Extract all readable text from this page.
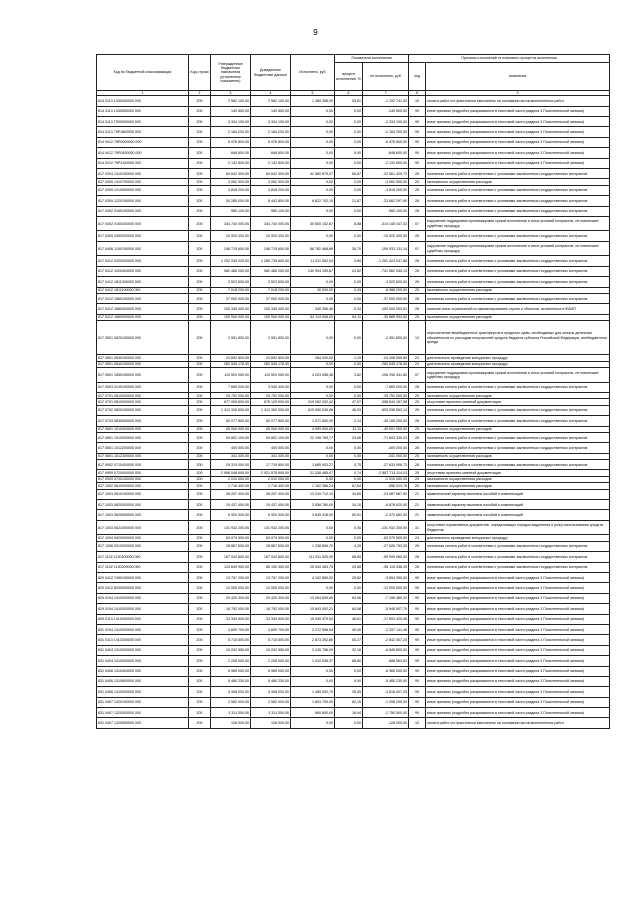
9
Код по бюджетной классификации	Код строки	Утвержденные бюджетные назначения (уточненные показатели)	Доведенные бюджетные данные	Исполнено, руб	Показатели исполнения		Причины отклонений от планового процента исполнения	
					процент исполнения, %	не исполнено, руб	код	пояснения
1	2	3	4	5	6	7	8	9
814 0113 1430400000 000	200	2 582 100,00	2 582 100,00	1 389 358,00	53,81	-1 192 741,00	10	оплата работ кто фактически выполнены на основании актов выполненных работ
814 0113 1430500000 000	200	149 500,00	149 500,00	0,00	0,00	-149 500,00	99	иные причины (подробно раскрываются в текстовой части раздела 3 Пояснительной записки)
814 0113 7300000000 000	200	3 334 100,00	3 334 100,00	0,00	0,00	-3 334 100,00	99	иные причины (подробно раскрываются в текстовой части раздела 3 Пояснительной записки)
814 0113 75P1800000 000	200	2 164 200,00	2 164 200,00	0,00	0,00	-2 164 200,00	99	иные причины (подробно раскрываются в текстовой части раздела 3 Пояснительной записки)
814 0412 75P0000000 000	200	6 976 800,00	6 976 800,00	0,00	0,00	-6 976 800,00	99	иные причины (подробно раскрываются в текстовой части раздела 3 Пояснительной записки)
814 0412 75P0400000 000	200	848 600,00	848 600,00	0,00	0,00	-848 600,00	99	иные причины (подробно раскрываются в текстовой части раздела 3 Пояснительной записки)
814 0412 75P1100000 000	200	2 132 800,00	2 132 800,00	0,00	0,00	-2 132 800,00	99	иные причины (подробно раскрываются в текстовой части раздела 3 Пояснительной записки)
817 0304 1410100000 000	200	64 642 300,00	64 642 300,00	42 580 879,27	65,87	-22 061 420,73	28	поэтапная оплата работ в соответствии с условиями заключенных государственных контрактов
817 0309 1410700000 000	200	3 062 900,00	3 062 900,00	0,00	0,00	-3 062 900,00	25	экономность осуществления расходов
817 0309 1210500000 000	200	3 818 200,00	3 818 200,00	0,00	0,00	-3 818 200,00	28	поэтапная оплата работ в соответствии с условиями заключенных государственных контрактов
817 0309 1220100000 000	200	30 285 000,00	8 442 800,00	6 622 702,10	21,87	-23 662 297,90	28	поэтапная оплата работ в соответствии с условиями заключенных государственных контрактов
817 0402 0150100000 000	200	980 100,00	980 100,00	0,00	0,00	-980 100,00	28	поэтапная оплата работ в соответствии с условиями заключенных государственных контрактов
817 0402 0150200000 000	200	344 740 000,00	344 740 000,00	30 600 152,67	8,88	-314 145 447,33	07	нарушение подрядными организациями сроков исполнения и иных условий контрактов, не повлекшее судебных процедур
817 0405 2050200000 000	200	10 920 400,00	10 920 400,00	0,00	0,00	-10 920 400,00	28	поэтапная оплата работ в соответствии с условиями заключенных государственных контрактов
817 0406 1240100000 000	200	248 715 600,00	248 715 600,00	88 782 468,86	35,70	-159 933 131,14	07	нарушение подрядными организациями сроков исполнения и иных условий контрактов, не повлекшее судебных процедур
817 0412 0200200000 000	200	1 292 939 025,00	1 285 735 600,00	11 511 552,04	0,89	-1 281 424 047,86	28	поэтапная оплата работ в соответствии с условиями заключенных государственных контрактов
817 0412 1020400000 000	200	982 466 200,00	982 466 200,00	240 904 159,87	24,52	-741 562 040,13	28	поэтапная оплата работ в соответствии с условиями заключенных государственных контрактов
817 0412 1811300000 000	200	3 522 600,00	3 522 600,00	0,00	0,00	-3 522 600,00	28	поэтапная оплата работ в соответствии с условиями заключенных государственных контрактов
817 0412 1811100000 000	200	7 018 200,00	7 018 200,00	30 000,00	0,43	-6 988 200,00	25	экономность осуществления расходов
817 0412 1860100000 000	200	37 000 000,00	37 000 000,00	0,00	0,00	-37 000 000,00	28	поэтапная оплата работ в соответствии с условиями заключенных государственных контрактов
817 0412 1860400000 000	200	100 345 400,00	100 345 400,00	345 396,48	0,34	-100 000 003,51	26	наличие иных ограничений по финансированию строек и объектов, включенных в ФАИП
817 0412 1860900000 000	200	100 000 000,00	100 000 000,00	64 114 006,00	64,11	-35 885 994,00	25	экономность осуществления расходов
817 0501 0620100000 000	200	2 951 800,00	2 951 800,00	0,00	0,00	-2 951 800,00	13	перечисление межбюджетных трансфертов в пределах сумм, необходимых для оплаты денежных обязательств по расходам получателей средств бюджета субъекта Российской Федерации, внебюджетного фонда
817 0501 0630100000 000	200	24 692 800,00	24 692 800,00	284 000,00	1,15	-24 408 599,80	24	длительность проведения конкурсных процедур
817 0501 0640100000 000	200	282 545 178,00	282 545 178,00	0,00	0,00	-282 545 178,00	24	длительность проведения конкурсных процедур
817 0501 1550100000 000	200	110 520 000,00	110 520 000,00	4 223 558,48	3,82	-106 296 441,60	07	нарушение подрядными организациями сроков исполнения и иных условий контрактов, не повлекшее судебных процедур
817 0503 0140100000 000	200	7 669 000,00	3 940 400,00	0,00	0,00	-7 669 000,00	28	поэтапная оплата работ в соответствии с условиями заключенных государственных контрактов
817 0701 0810200000 000	200	25 752 000,00	25 752 000,00	0,00	0,00	-25 752 000,00	25	экономность осуществления расходов
817 0701 0810300000 000	200	677 906 800,00	675 129 900,00	319 062 432,42	47,07	-358 844 167,58	25	отсутствие проектно-сметной документации
817 0702 0820100000 000	200	1 313 326 600,00	1 313 300 500,00	619 390 036,86	46,93	-693 936 563,14	28	поэтапная оплата работ в соответствии с условиями заключенных государственных контрактов
817 0703 0830600000 000	200	50 077 800,00	50 077 800,00	1 071 600,00	2,14	-49 106 200,00	28	поэтапная оплата работ в соответствии с условиями заключенных государственных контрактов
817 0801 1010400000 000	200	45 000 000,00	45 000 000,00	4 999 000,00	11,11	-40 001 000,00	25	экономность осуществления расходов
817 0801 1010300000 000	200	93 802 100,00	93 802 100,00	22 198 769,77	23,66	-71 603 330,23	28	поэтапная оплата работ в соответствии с условиями заключенных государственных контрактов
817 0801 1012200000 000	200	400 000,00	400 000,00	0,00	0,00	-400 000,00	28	поэтапная оплата работ в соответствии с условиями заключенных государственных контрактов
817 0801 1012300000 000	200	341 000,00	341 000,00	0,00	0,00	-341 000,00	25	экономность осуществления расходов
817 0902 0710400000 000	200	29 319 000,00	17 719 800,00	1 685 903,27	5,75	-27 633 096,73	28	поэтапная оплата работ в соответствии с условиями заключенных государственных контрактов
817 0909 0720400000 000	200	2 998 048 600,00	2 921 578 600,00	21 338 485,07	0,74	-2 887 713 114,03	25	отсутствие проектно-сметной документации
817 0909 0730100000 000	200	2 010 000,00	2 010 000,00	0,00	0,00	-2 010 000,00	25	экономность осуществления расходов
817 1002 0610200000 000	200	1 718 400,00	1 718 400,00	1 162 386,24	67,64	-556 013,76	25	экономность осуществления расходов
817 1003 0610100000 000	200	38 207 400,00	38 207 400,00	13 219 712,10	34,60	-24 987 687,90	21	заявительный характер выплаты пособий и компенсаций
817 1003 0620300000 000	200	10 437 400,00	10 437 400,00	3 558 780,00	34,10	-6 878 620,00	21	заявительный характер выплаты пособий и компенсаций
817 1003 0620600000 000	200	6 320 000,00	6 320 000,00	3 849 318,00	60,91	-2 470 682,00	21	заявительный характер выплаты пособий и компенсаций
817 1003 0621000000 000	200	131 932 200,00	131 932 200,00	0,00	0,00	-131 932 200,00	31	отсутствие нормативных документов, определяющих порядок выделения и (или) использования средств бюджетов
817 1004 0620900000 000	200	63 079 500,00	63 079 500,00	0,00	0,00	-63 079 500,00	24	длительность проведения конкурсных процедур
817 1006 0910200000 000	200	28 867 600,00	28 867 600,00	1 238 806,70	4,29	-27 628 793,30	28	поэтапная оплата работ в соответствии с условиями заключенных государственных контрактов
817 1102 1130100000 000	200	167 910 600,00	167 910 600,00	111 911 520,00	66,65	-55 999 080,00	28	поэтапная оплата работ в соответствии с условиями заключенных государственных контрактов
817 1102 1130200000 000	200	123 649 900,00	85 100 300,00	25 534 463,75	20,65	-98 115 436,25	28	поэтапная оплата работ в соответствии с условиями заключенных государственных контрактов
820 0412 7490100000 000	200	13 757 200,00	13 757 200,00	4 102 850,00	29,82	-9 654 350,00	99	иные причины (подробно раскрываются в текстовой части раздела 3 Пояснительной записки)
820 0412 8200000000 000	200	12 000 000,00	12 000 000,00	0,00	0,00	-12 000 000,00	99	иные причины (подробно раскрываются в текстовой части раздела 3 Пояснительной записки)
829 0104 1410200000 000	200	20 420 300,00	20 420 300,00	13 264 839,60	64,96	-7 155 460,32	99	иные причины (подробно раскрываются в текстовой части раздела 3 Пояснительной записки)
829 0104 1410300000 000	200	16 792 000,00	16 792 000,00	10 843 492,21	64,58	-5 948 507,79	99	иные причины (подробно раскрываются в текстовой части раздела 3 Пояснительной записки)
829 0113 1410400000 000	200	33 343 900,00	33 343 900,00	15 540 479,54	46,61	-17 803 420,46	99	иные причины (подробно раскрываются в текстовой части раздела 3 Пояснительной записки)
831 0104 1410300000 000	200	4 609 700,00	4 609 700,00	2 272 558,54	49,30	-2 337 141,46	99	иные причины (подробно раскрываются в текстовой части раздела 3 Пояснительной записки)
831 0113 1410200000 000	200	5 715 600,00	5 715 600,00	2 873 392,80	50,27	-2 842 407,20	99	иные причины (подробно раскрываются в текстовой части раздела 3 Пояснительной записки)
831 0404 1310300000 000	200	10 092 556,00	10 092 556,00	3 245 756,00	32,16	-6 846 800,00	99	иные причины (подробно раскрываются в текстовой части раздела 3 Пояснительной записки)
831 0404 1410300000 000	200	2 208 000,00	2 208 000,00	1 519 038,37	68,80	-688 963,63	99	иные причины (подробно раскрываются в текстовой части раздела 3 Пояснительной записки)
831 0406 1310400000 000	200	6 965 000,00	6 965 000,00	0,00	0,00	-6 965 000,00	99	иные причины (подробно раскрываются в текстовой части раздела 3 Пояснительной записки)
831 0406 1310600000 000	200	5 480 230,00	5 480 230,00	0,00	0,00	-5 480 230,00	99	иные причины (подробно раскрываются в текстовой части раздела 3 Пояснительной записки)
831 0406 1410300000 000	200	5 308 000,00	5 308 000,00	1 489 092,79	28,05	-3 818 907,25	99	иные причины (подробно раскрываются в текстовой части раздела 3 Пояснительной записки)
831 0407 1320100000 000	200	2 962 000,00	2 962 000,00	1 803 705,00	62,15	-1 098 295,00	99	иные причины (подробно раскрываются в текстовой части раздела 3 Пояснительной записки)
831 0407 1320300000 000	200	3 311 300,00	3 311 300,00	560 800,00	16,94	-2 750 500,00	99	иные причины (подробно раскрываются в текстовой части раздела 3 Пояснительной записки)
831 0407 1320500000 000	200	128 000,00	128 000,00	0,00	0,00	-128 000,00	10	оплата работ кто фактически выполнены на основании актов выполненных работ
